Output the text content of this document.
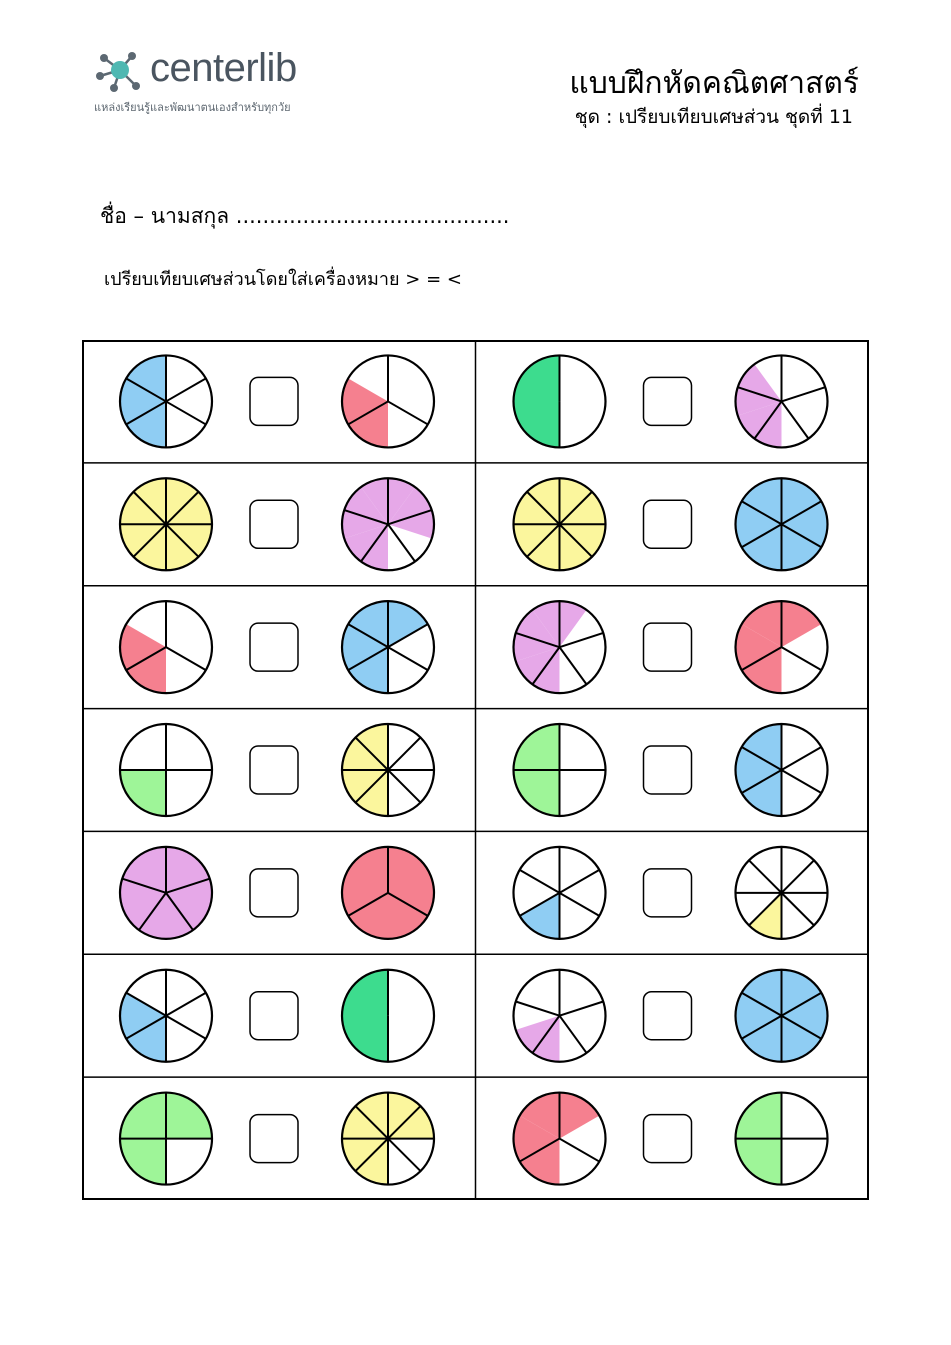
centerlib
แหล่งเรียนรู้และพัฒนาตนเองสำหรับทุกวัย
แบบฝึกหัดคณิตศาสตร์
ชุด : เปรียบเทียบเศษส่วน ชุดที่ 11
ชื่อ – นามสกุล .........................................
เปรียบเทียบเศษส่วนโดยใส่เครื่องหมาย > = <
